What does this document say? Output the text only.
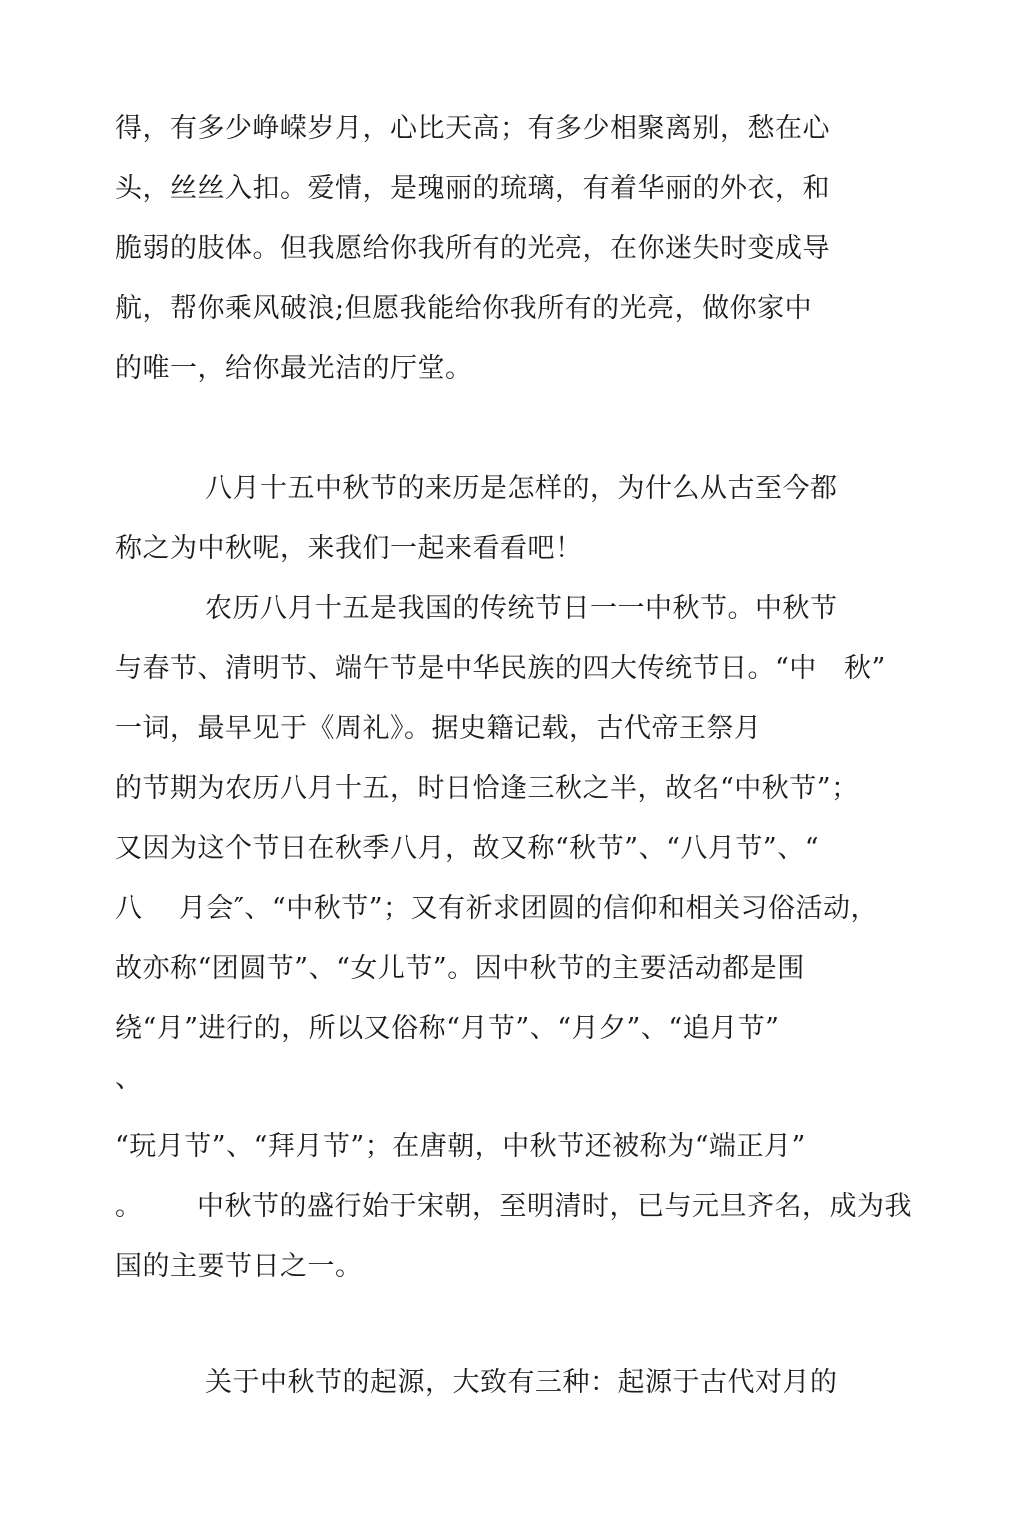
得，有多少峥嵘岁月，心比天高；有多少相聚离别，愁在心
头，丝丝入扣。爱情，是瑰丽的琉璃，有着华丽的外衣，和
脆弱的肢体。但我愿给你我所有的光亮，在你迷失时变成导
航，帮你乘风破浪;但愿我能给你我所有的光亮，做你家中
的唯一，给你最光洁的厅堂。
八月十五中秋节的来历是怎样的，为什么从古至今都
称之为中秋呢，来我们一起来看看吧！
农历八月十五是我国的传统节日一一中秋节。中秋节
与春节、清明节、端午节是中华民族的四大传统节日。“中   秋”
一词，最早见于《周礼》。据史籍记载，古代帝王祭月
的节期为农历八月十五，时日恰逢三秋之半，故名“中秋节”；
又因为这个节日在秋季八月，故又称“秋节”、“八月节”、“
八    月会″、“中秋节”；又有祈求团圆的信仰和相关习俗活动，
故亦称“团圆节”、“女儿节”。因中秋节的主要活动都是围
绕“月”进行的，所以又俗称“月节”、“月夕”、“追月节”
、
“玩月节”、“拜月节”；在唐朝，中秋节还被称为“端正月”
。      中秋节的盛行始于宋朝，至明清时，已与元旦齐名，成为我
国的主要节日之一。
关于中秋节的起源，大致有三种：起源于古代对月的
